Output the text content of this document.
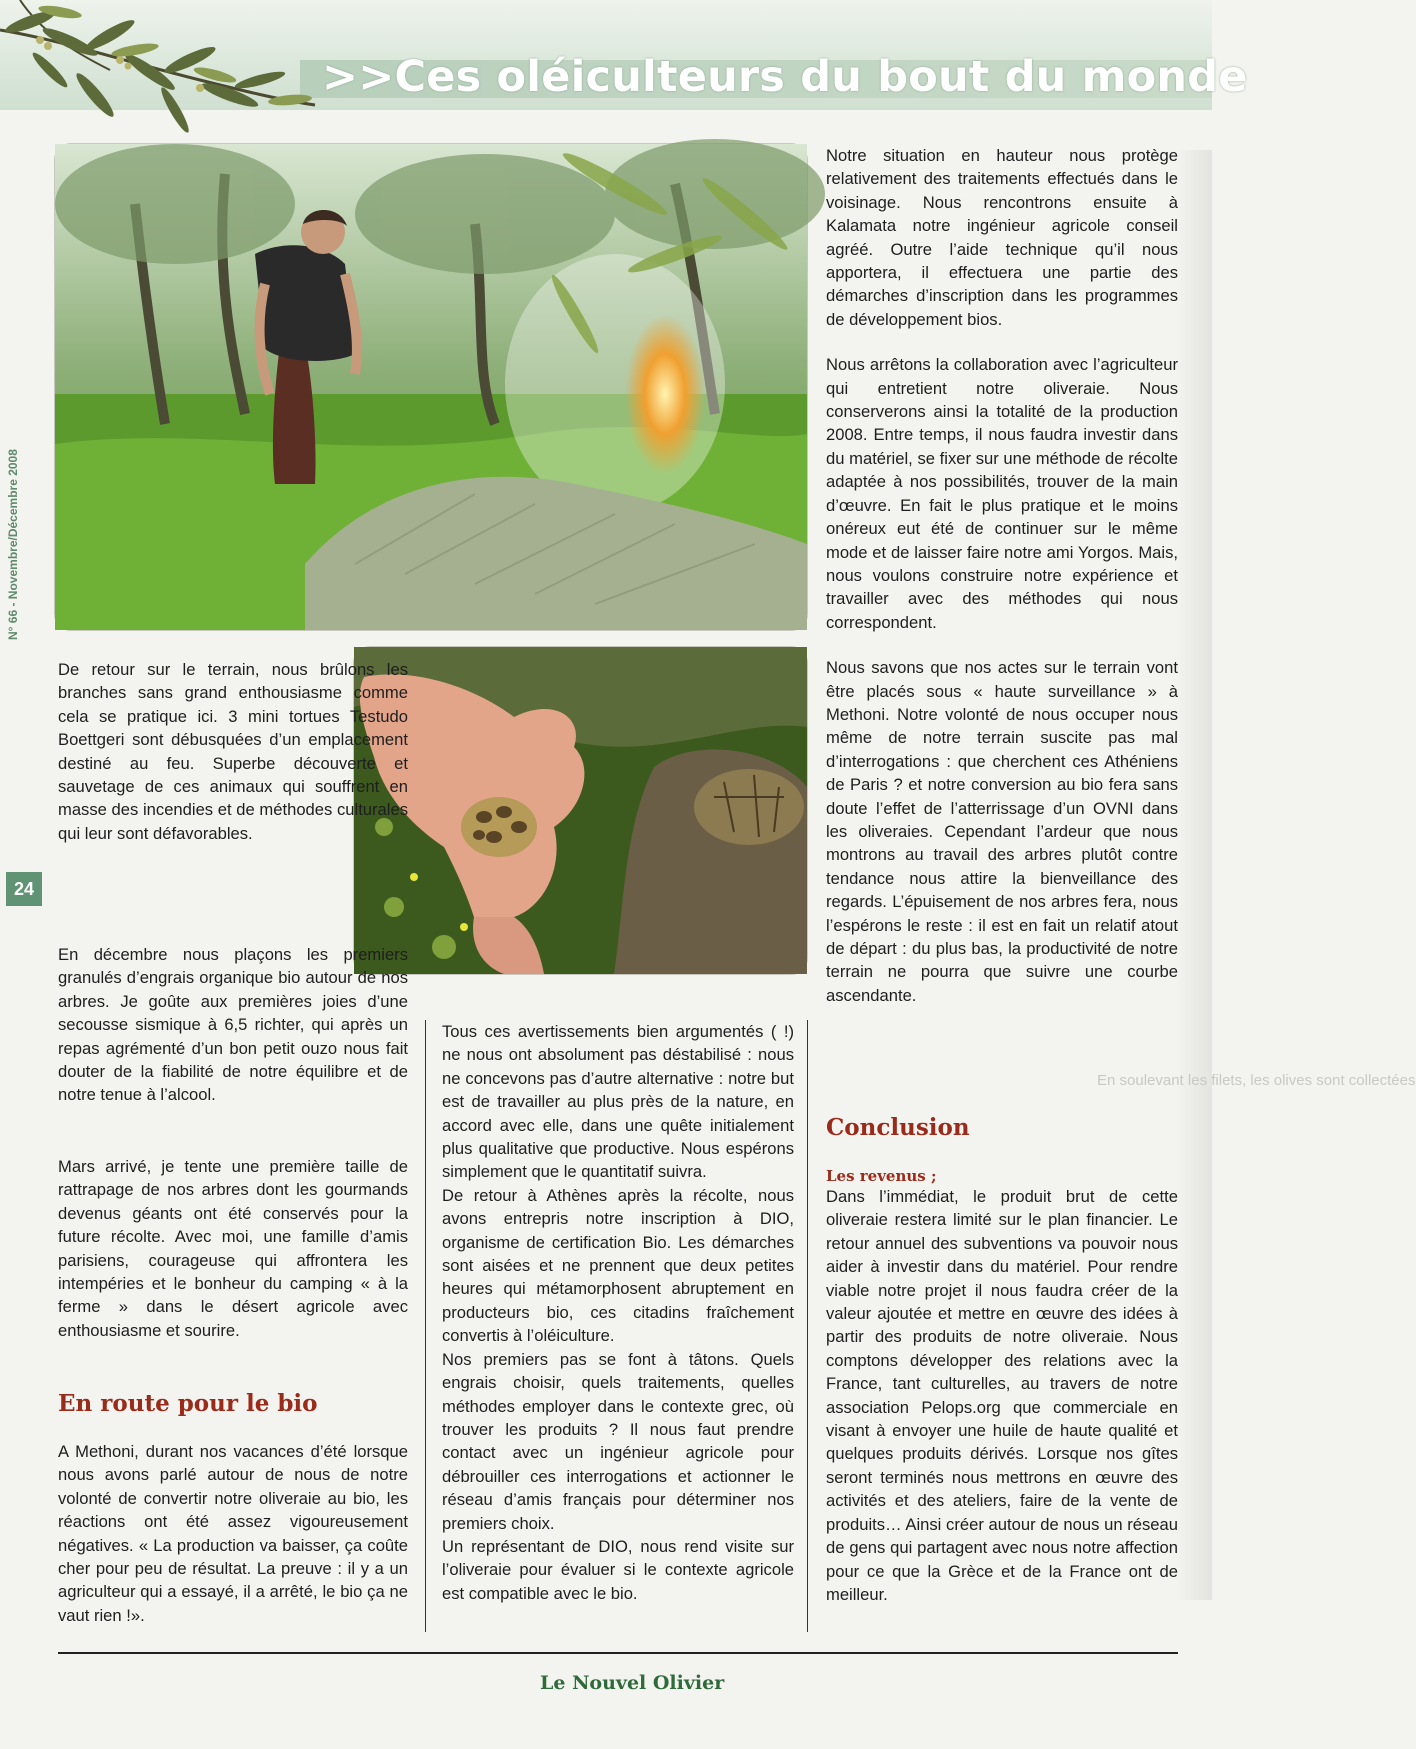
>>Ces oléiculteurs du bout du monde
N° 66 - Novembre/Décembre 2008
24

De retour sur le terrain, nous brûlons les branches sans grand enthousiasme comme cela se pratique ici. 3 mini tortues Testudo Boettgeri sont débusquées d’un emplacement destiné au feu. Superbe découverte et sauvetage de ces animaux qui souffrent en masse des incendies et de méthodes culturales qui leur sont défavorables.

En décembre nous plaçons les premiers granulés d’engrais organique bio autour de nos arbres. Je goûte aux premières joies d’une secousse sismique à 6,5 richter, qui après un repas agrémenté d’un bon petit ouzo nous fait douter de la fiabilité de notre équilibre et de notre tenue à l’alcool.

Mars arrivé, je tente une première taille de rattrapage de nos arbres dont les gourmands devenus géants ont été conservés pour la future récolte. Avec moi, une famille d’amis parisiens, courageuse qui affrontera les intempéries et le bonheur du camping « à la ferme » dans le désert agricole avec enthousiasme et sourire.

En route pour le bio

A Methoni, durant nos vacances d’été lorsque nous avons parlé autour de nous de notre volonté de convertir notre oliveraie au bio, les réactions ont été assez vigoureusement négatives. « La production va baisser, ça coûte cher pour peu de résultat. La preuve : il y a un agriculteur qui a essayé, il a arrêté, le bio ça ne vaut rien !».

Tous ces avertissements bien argumentés ( !) ne nous ont absolument pas déstabilisé : nous ne concevons pas d’autre alternative : notre but est de travailler au plus près de la nature, en accord avec elle, dans une quête initialement plus qualitative que productive. Nous espérons simplement que le quantitatif suivra.

De retour à Athènes après la récolte, nous avons entrepris notre inscription à DIO, organisme de certification Bio. Les démarches sont aisées et ne prennent que deux petites heures qui métamorphosent abruptement en producteurs bio, ces citadins fraîchement convertis à l’oléiculture.

Nos premiers pas se font à tâtons. Quels engrais choisir, quels traitements, quelles méthodes employer dans le contexte grec, où trouver les produits ? Il nous faut prendre contact avec un ingénieur agricole pour débrouiller ces interrogations et actionner le réseau d’amis français pour déterminer nos premiers choix.

Un représentant de DIO, nous rend visite sur l’oliveraie pour évaluer si le contexte agricole est compatible avec le bio.

Notre situation en hauteur nous protège relativement des traitements effectués dans le voisinage. Nous rencontrons ensuite à Kalamata notre ingénieur agricole conseil agréé. Outre l’aide technique qu’il nous apportera, il effectuera une partie des démarches d’inscription dans les programmes de développement bios.

Nous arrêtons la collaboration avec l’agriculteur qui entretient notre oliveraie. Nous conserverons ainsi la totalité de la production 2008. Entre temps, il nous faudra investir dans du matériel, se fixer sur une méthode de récolte adaptée à nos possibilités, trouver de la main d’œuvre. En fait le plus pratique et le moins onéreux eut été de continuer sur le même mode et de laisser faire notre ami Yorgos. Mais, nous voulons construire notre expérience et travailler avec des méthodes qui nous correspondent.

Nous savons que nos actes sur le terrain vont être placés sous « haute surveillance » à Methoni. Notre volonté de nous occuper nous même de notre terrain suscite pas mal d’interrogations : que cherchent ces Athéniens de Paris ? et notre conversion au bio fera sans doute l’effet de l’atterrissage d’un OVNI dans les oliveraies. Cependant l’ardeur que nous montrons au travail des arbres plutôt contre tendance nous attire la bienveillance des regards. L’épuisement de nos arbres fera, nous l’espérons le reste : il est en fait un relatif atout de départ : du plus bas, la productivité de notre terrain ne pourra que suivre une courbe ascendante.

En soulevant les filets, les olives sont collectées
Conclusion
Les revenus ;

Dans l’immédiat, le produit brut de cette oliveraie restera limité sur le plan financier. Le retour annuel des subventions va pouvoir nous aider à investir dans du matériel. Pour rendre viable notre projet il nous faudra créer de la valeur ajoutée et mettre en œuvre des idées à partir des produits de notre oliveraie. Nous comptons développer des relations avec la France, tant culturelles, au travers de notre association Pelops.org que commerciale en visant à envoyer une huile de haute qualité et quelques produits dérivés. Lorsque nos gîtes seront terminés nous mettrons en œuvre des activités et des ateliers, faire de la vente de produits… Ainsi créer autour de nous un réseau de gens qui partagent avec nous notre affection pour ce que la Grèce et de la France ont de meilleur.

Le Nouvel Olivier
